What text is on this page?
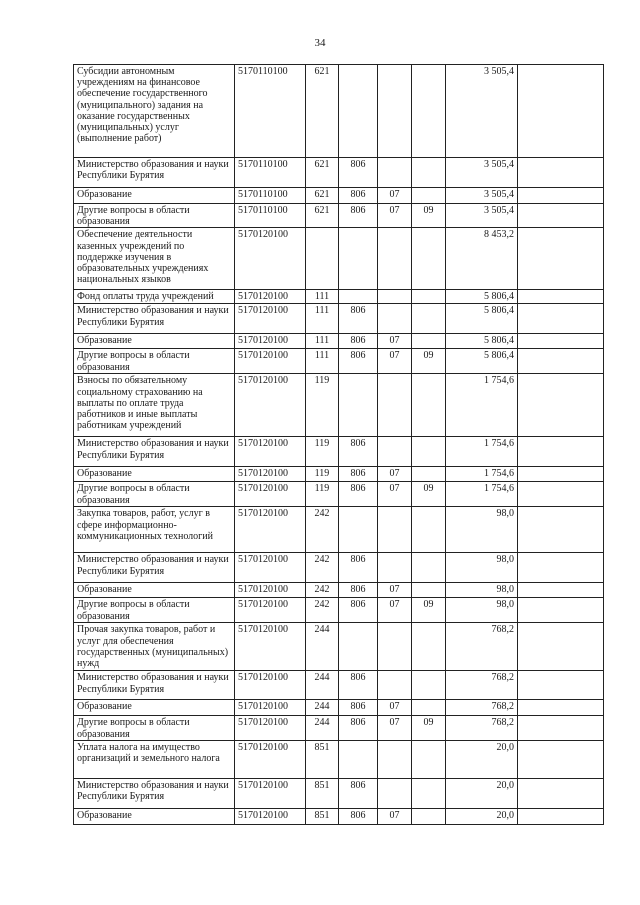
34
Субсидии автономным учреждениям на финансовое обеспечение государственного (муниципального) задания на оказание государственных (муниципальных) услуг (выполнение работ)	5170110100	621				3 505,4	
Министерство образования и науки Республики Бурятия	5170110100	621	806			3 505,4	
Образование	5170110100	621	806	07		3 505,4	
Другие вопросы в области образования	5170110100	621	806	07	09	3 505,4	
Обеспечение деятельности казенных учреждений по поддержке изучения в образовательных учреждениях национальных языков	5170120100					8 453,2	
Фонд оплаты труда учреждений	5170120100	111				5 806,4	
Министерство образования и науки Республики Бурятия	5170120100	111	806			5 806,4	
Образование	5170120100	111	806	07		5 806,4	
Другие вопросы в области образования	5170120100	111	806	07	09	5 806,4	
Взносы по обязательному социальному страхованию на выплаты по оплате труда работников и иные выплаты работникам учреждений	5170120100	119				1 754,6	
Министерство образования и науки Республики Бурятия	5170120100	119	806			1 754,6	
Образование	5170120100	119	806	07		1 754,6	
Другие вопросы в области образования	5170120100	119	806	07	09	1 754,6	
Закупка товаров, работ, услуг в сфере информационно-коммуникационных технологий	5170120100	242				98,0	
Министерство образования и науки Республики Бурятия	5170120100	242	806			98,0	
Образование	5170120100	242	806	07		98,0	
Другие вопросы в области образования	5170120100	242	806	07	09	98,0	
Прочая закупка товаров, работ и услуг для обеспечения государственных (муниципальных) нужд	5170120100	244				768,2	
Министерство образования и науки Республики Бурятия	5170120100	244	806			768,2	
Образование	5170120100	244	806	07		768,2	
Другие вопросы в области образования	5170120100	244	806	07	09	768,2	
Уплата налога на имущество организаций и земельного налога	5170120100	851				20,0	
Министерство образования и науки Республики Бурятия	5170120100	851	806			20,0	
Образование	5170120100	851	806	07		20,0	
